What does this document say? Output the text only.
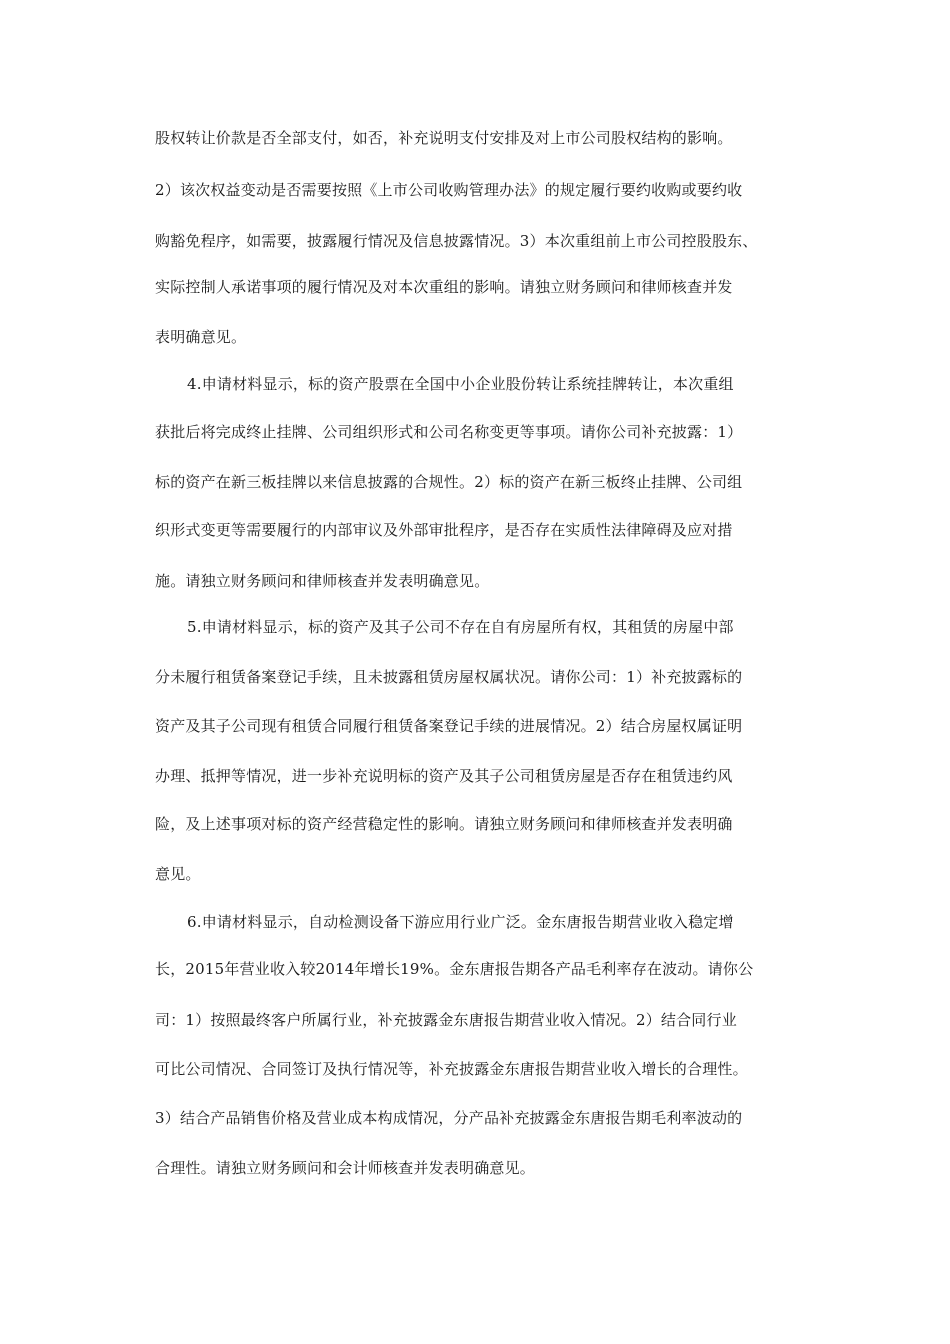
股权转让价款是否全部支付，如否，补充说明支付安排及对上市公司股权结构的影响。
2）该次权益变动是否需要按照《上市公司收购管理办法》的规定履行要约收购或要约收
购豁免程序，如需要，披露履行情况及信息披露情况。3）本次重组前上市公司控股股东、
实际控制人承诺事项的履行情况及对本次重组的影响。请独立财务顾问和律师核查并发
表明确意见。
4.申请材料显示，标的资产股票在全国中小企业股份转让系统挂牌转让，本次重组
获批后将完成终止挂牌、公司组织形式和公司名称变更等事项。请你公司补充披露：1）
标的资产在新三板挂牌以来信息披露的合规性。2）标的资产在新三板终止挂牌、公司组
织形式变更等需要履行的内部审议及外部审批程序，是否存在实质性法律障碍及应对措
施。请独立财务顾问和律师核查并发表明确意见。
5.申请材料显示，标的资产及其子公司不存在自有房屋所有权，其租赁的房屋中部
分未履行租赁备案登记手续，且未披露租赁房屋权属状况。请你公司：1）补充披露标的
资产及其子公司现有租赁合同履行租赁备案登记手续的进展情况。2）结合房屋权属证明
办理、抵押等情况，进一步补充说明标的资产及其子公司租赁房屋是否存在租赁违约风
险，及上述事项对标的资产经营稳定性的影响。请独立财务顾问和律师核查并发表明确
意见。
6.申请材料显示，自动检测设备下游应用行业广泛。金东唐报告期营业收入稳定增
长，2015年营业收入较2014年增长19%。金东唐报告期各产品毛利率存在波动。请你公
司：1）按照最终客户所属行业，补充披露金东唐报告期营业收入情况。2）结合同行业
可比公司情况、合同签订及执行情况等，补充披露金东唐报告期营业收入增长的合理性。
3）结合产品销售价格及营业成本构成情况，分产品补充披露金东唐报告期毛利率波动的
合理性。请独立财务顾问和会计师核查并发表明确意见。
